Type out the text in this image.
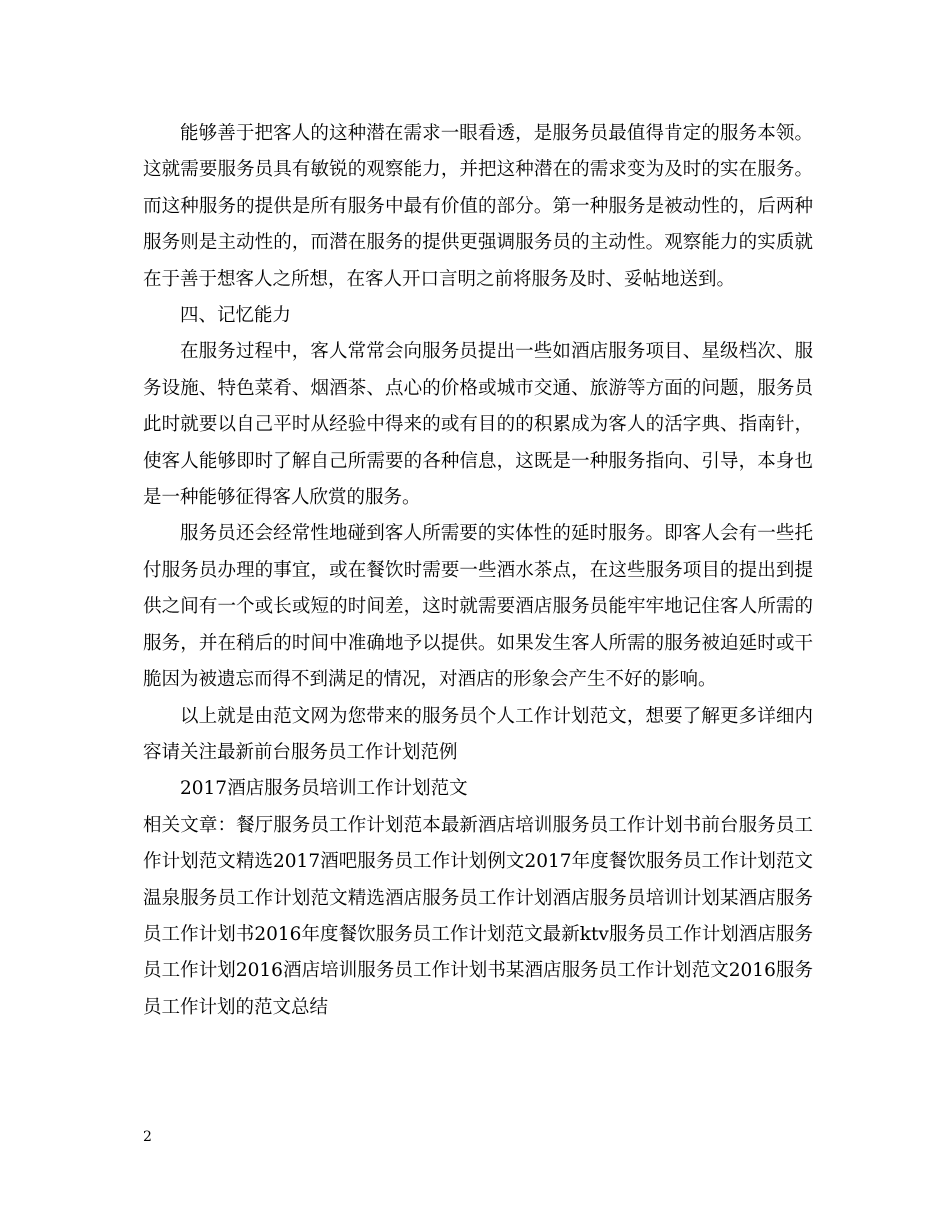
能够善于把客人的这种潜在需求一眼看透，是服务员最值得肯定的服务本领。这就需要服务员具有敏锐的观察能力，并把这种潜在的需求变为及时的实在服务。而这种服务的提供是所有服务中最有价值的部分。第一种服务是被动性的，后两种服务则是主动性的，而潜在服务的提供更强调服务员的主动性。观察能力的实质就在于善于想客人之所想，在客人开口言明之前将服务及时、妥帖地送到。

四、记忆能力

在服务过程中，客人常常会向服务员提出一些如酒店服务项目、星级档次、服务设施、特色菜肴、烟酒茶、点心的价格或城市交通、旅游等方面的问题，服务员此时就要以自己平时从经验中得来的或有目的的积累成为客人的活字典、指南针，使客人能够即时了解自己所需要的各种信息，这既是一种服务指向、引导，本身也是一种能够征得客人欣赏的服务。

服务员还会经常性地碰到客人所需要的实体性的延时服务。即客人会有一些托付服务员办理的事宜，或在餐饮时需要一些酒水茶点，在这些服务项目的提出到提供之间有一个或长或短的时间差，这时就需要酒店服务员能牢牢地记住客人所需的服务，并在稍后的时间中准确地予以提供。如果发生客人所需的服务被迫延时或干脆因为被遗忘而得不到满足的情况，对酒店的形象会产生不好的影响。

以上就是由范文网为您带来的服务员个人工作计划范文，想要了解更多详细内容请关注最新前台服务员工作计划范例

2017酒店服务员培训工作计划范文

相关文章：餐厅服务员工作计划范本最新酒店培训服务员工作计划书前台服务员工作计划范文精选2017酒吧服务员工作计划例文2017年度餐饮服务员工作计划范文温泉服务员工作计划范文精选酒店服务员工作计划酒店服务员培训计划某酒店服务员工作计划书2016年度餐饮服务员工作计划范文最新ktv服务员工作计划酒店服务员工作计划2016酒店培训服务员工作计划书某酒店服务员工作计划范文2016服务员工作计划的范文总结

2
